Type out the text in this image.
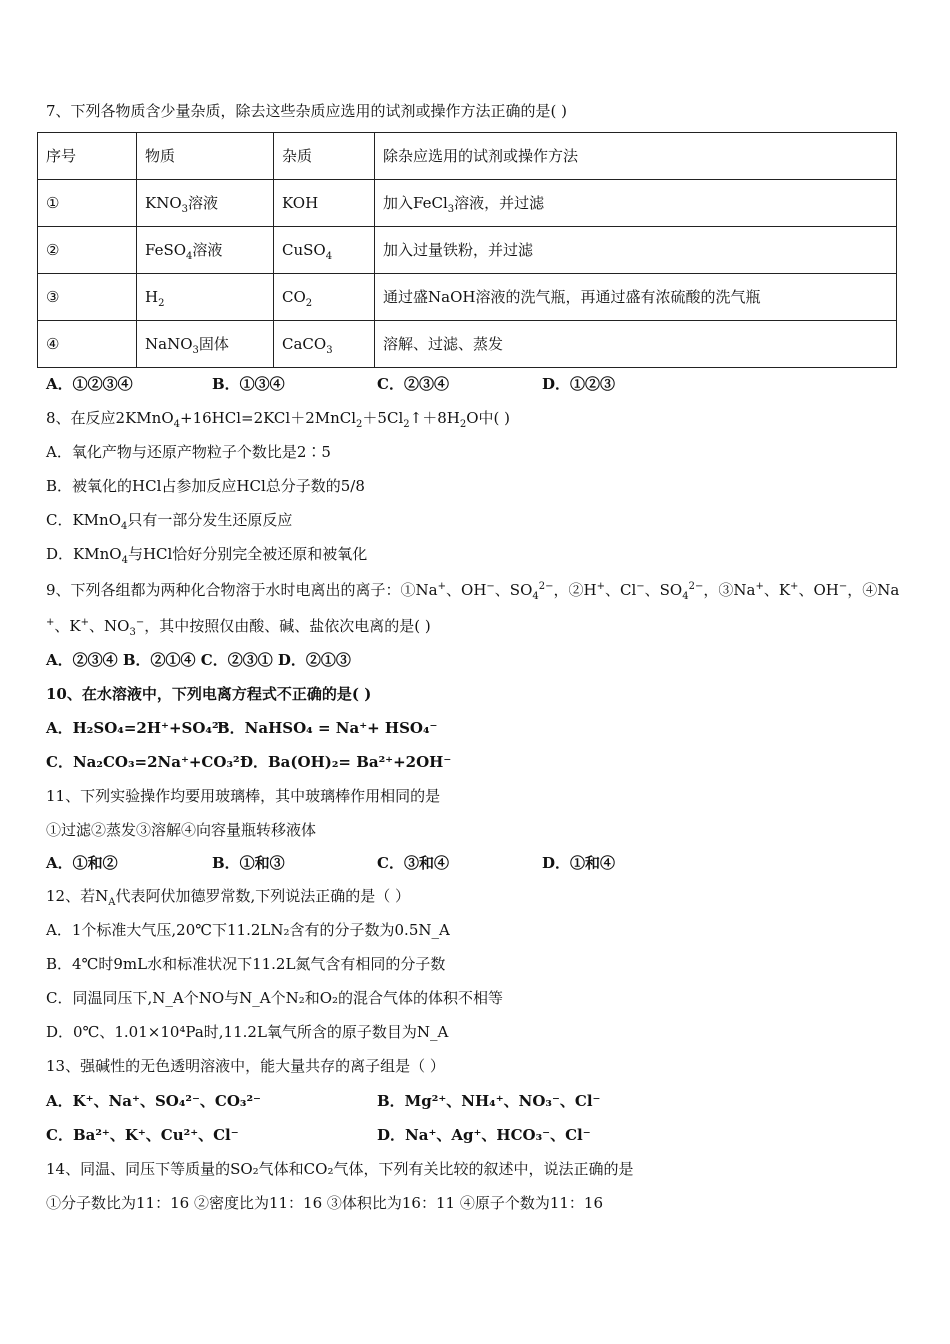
7、下列各物质含少量杂质，除去这些杂质应选用的试剂或操作方法正确的是( )
序号	物质	杂质	除杂应选用的试剂或操作方法
①	$KNO_3$溶液	KOH	加入FeCl$_3$溶液，并过滤
②	FeSO$_4$溶液	CuSO$_4$	加入过量铁粉，并过滤
③	$H_2$	$CO_2$	通过盛NaOH溶液的洗气瓶，再通过盛有浓硫酸的洗气瓶
④	NaNO$_3$固体	CaCO$_3$	溶解、过滤、蒸发
A．①②③④	B．①③④	C．②③④	D．①②③
8、在反应$2KMnO_4+16HCl=2KCl+2MnCl_2+5Cl_2↑+8H_2O$中( )
A．氧化产物与还原产物粒子个数比是2∶5
B．被氧化的HCl占参加反应HCl总分子数的5/8
C．KMnO$_4$只有一部分发生还原反应
D．KMnO$_4$与HCl恰好分别完全被还原和被氧化
9、下列各组都为两种化合物溶于水时电离出的离子：①Na+、OH−、$SO_4^{2-}$，②H+、Cl−、$SO_4^{2-}$，③Na+、K+、OH−，④Na
+、K+、$NO_3^-$，其中按照仅由酸、碱、盐依次电离的是( )
A．②③④ B．②①④ C．②③① D．②①③
10、在水溶液中，下列电离方程式不正确的是( )
A．H₂SO₄=2H⁺+SO₄²⁻
B．NaHSO₄ = Na⁺+ HSO₄⁻
C．Na₂CO₃=2Na⁺+CO₃²⁻
D．Ba(OH)₂= Ba²⁺+2OH⁻
11、下列实验操作均要用玻璃棒，其中玻璃棒作用相同的是
①过滤②蒸发③溶解④向容量瓶转移液体
A．①和②	B．①和③	C．③和④	D．①和④
12、若$N_A$代表阿伏加德罗常数,下列说法正确的是（ ）
A．1个标准大气压,20℃下11.2LN₂含有的分子数为0.5N_A
B．4℃时9mL水和标准状况下11.2L氮气含有相同的分子数
C．同温同压下,N_A个NO与N_A个N₂和O₂的混合气体的体积不相等
D．0℃、1.01×10⁴Pa时,11.2L氧气所含的原子数目为N_A
13、强碱性的无色透明溶液中，能大量共存的离子组是（ ）
A．K⁺、Na⁺、SO₄²⁻、CO₃²⁻	B．Mg²⁺、NH₄⁺、NO₃⁻、Cl⁻
C．Ba²⁺、K⁺、Cu²⁺、Cl⁻	D．Na⁺、Ag⁺、HCO₃⁻、Cl⁻
14、同温、同压下等质量的SO₂气体和CO₂气体，下列有关比较的叙述中，说法正确的是
①分子数比为11：16 ②密度比为11：16 ③体积比为16：11 ④原子个数为11：16
